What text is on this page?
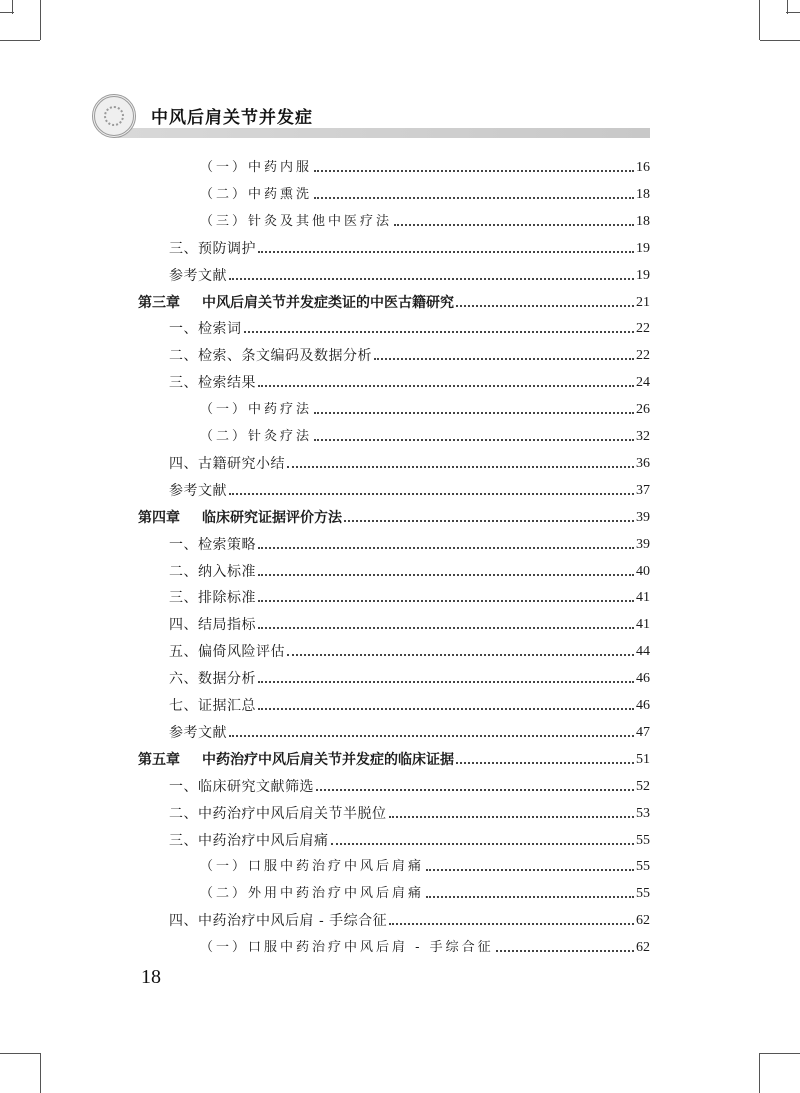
中风后肩关节并发症
（一）中药内服	16
（二）中药熏洗	18
（三）针灸及其他中医疗法	18
三、预防调护	19
参考文献	19
第三章 中风后肩关节并发症类证的中医古籍研究	21
一、检索词	22
二、检索、条文编码及数据分析	22
三、检索结果	24
（一）中药疗法	26
（二）针灸疗法	32
四、古籍研究小结	36
参考文献	37
第四章 临床研究证据评价方法	39
一、检索策略	39
二、纳入标准	40
三、排除标准	41
四、结局指标	41
五、偏倚风险评估	44
六、数据分析	46
七、证据汇总	46
参考文献	47
第五章 中药治疗中风后肩关节并发症的临床证据	51
一、临床研究文献筛选	52
二、中药治疗中风后肩关节半脱位	53
三、中药治疗中风后肩痛	55
（一）口服中药治疗中风后肩痛	55
（二）外用中药治疗中风后肩痛	55
四、中药治疗中风后肩 - 手综合征	62
（一）口服中药治疗中风后肩 - 手综合征	62
18
